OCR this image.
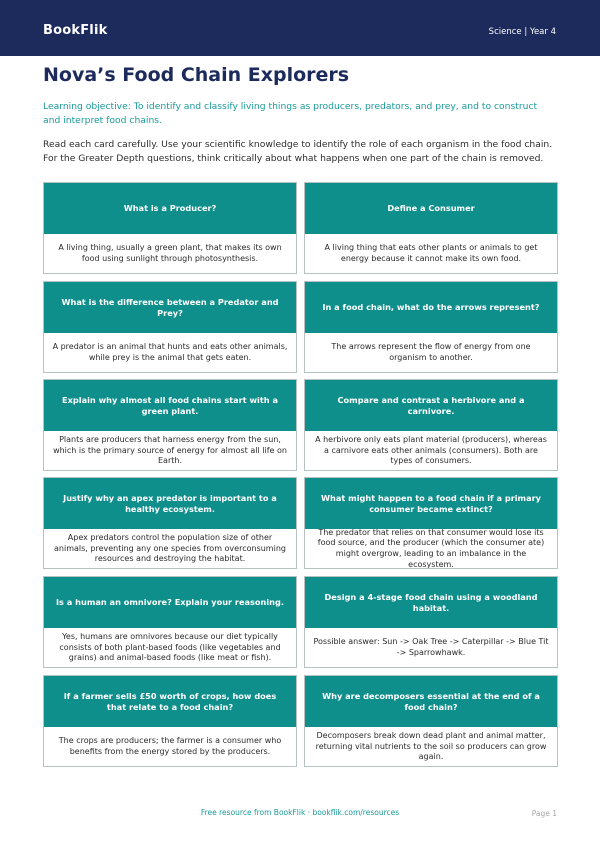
BookFlik	Science | Year 4
Nova’s Food Chain Explorers

Learning objective: To identify and classify living things as producers, predators, and prey, and to construct and interpret food chains.

Read each card carefully. Use your scientific knowledge to identify the role of each organism in the food chain. For the Greater Depth questions, think critically about what happens when one part of the chain is removed.

What is a Producer?
A living thing, usually a green plant, that makes its own food using sunlight through photosynthesis.
Define a Consumer
A living thing that eats other plants or animals to get energy because it cannot make its own food.
What is the difference between a Predator and Prey?
A predator is an animal that hunts and eats other animals, while prey is the animal that gets eaten.
In a food chain, what do the arrows represent?
The arrows represent the flow of energy from one organism to another.
Explain why almost all food chains start with a green plant.
Plants are producers that harness energy from the sun, which is the primary source of energy for almost all life on Earth.
Compare and contrast a herbivore and a carnivore.
A herbivore only eats plant material (producers), whereas a carnivore eats other animals (consumers). Both are types of consumers.
Justify why an apex predator is important to a healthy ecosystem.
Apex predators control the population size of other animals, preventing any one species from overconsuming resources and destroying the habitat.
What might happen to a food chain if a primary consumer became extinct?
The predator that relies on that consumer would lose its food source, and the producer (which the consumer ate) might overgrow, leading to an imbalance in the ecosystem.
Is a human an omnivore? Explain your reasoning.
Yes, humans are omnivores because our diet typically consists of both plant-based foods (like vegetables and grains) and animal-based foods (like meat or fish).
Design a 4-stage food chain using a woodland habitat.
Possible answer: Sun -> Oak Tree -> Caterpillar -> Blue Tit -> Sparrowhawk.
If a farmer sells £50 worth of crops, how does that relate to a food chain?
The crops are producers; the farmer is a consumer who benefits from the energy stored by the producers.
Why are decomposers essential at the end of a food chain?
Decomposers break down dead plant and animal matter, returning vital nutrients to the soil so producers can grow again.
Free resource from BookFlik · bookflik.com/resources	Page 1
